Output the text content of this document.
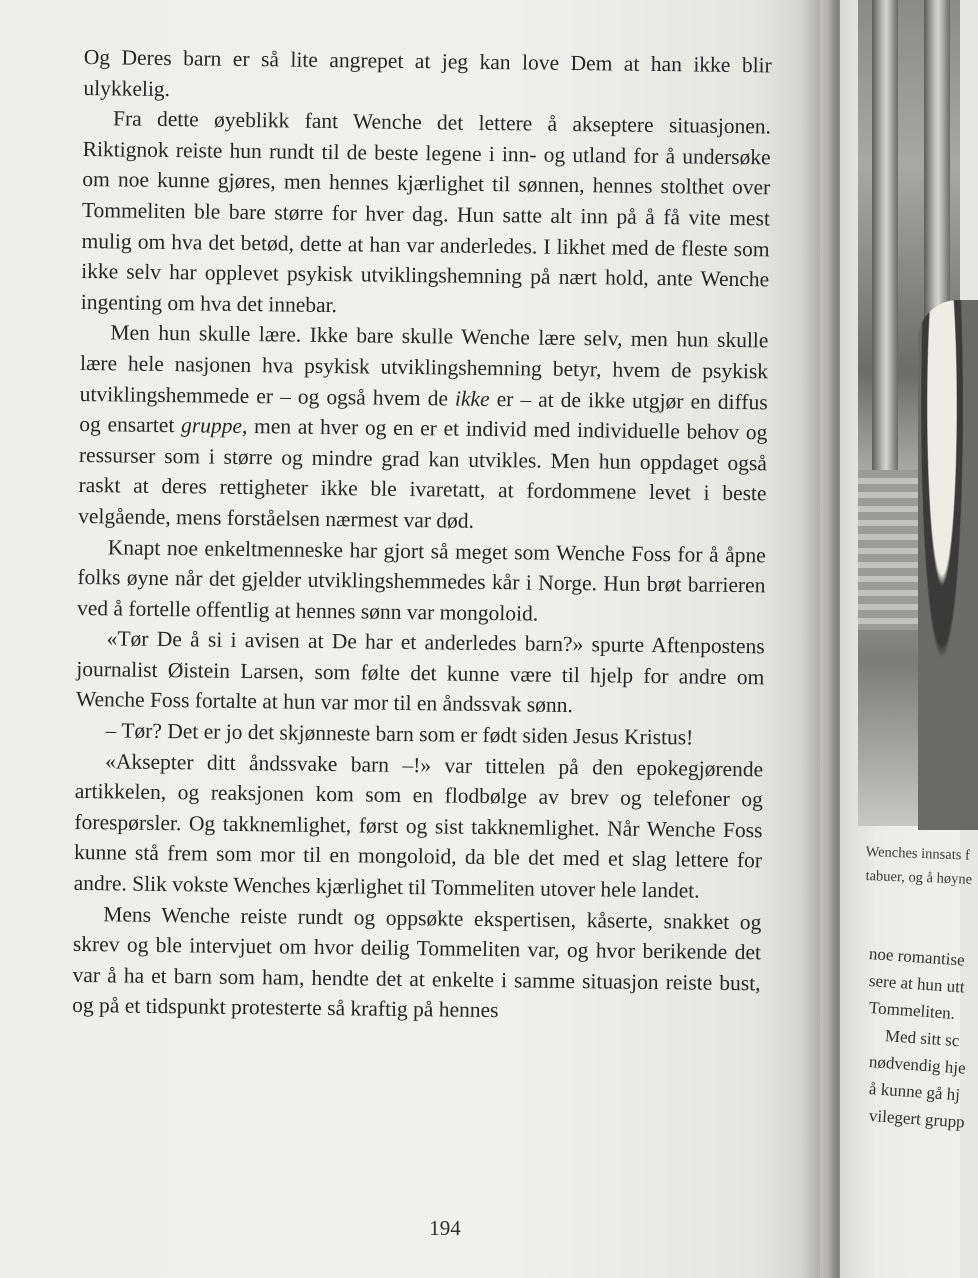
Og Deres barn er så lite angrepet at jeg kan love Dem at han ikke blir ulykkelig.

Fra dette øyeblikk fant Wenche det lettere å akseptere situasjonen. Riktignok reiste hun rundt til de beste legene i inn- og utland for å undersøke om noe kunne gjøres, men hennes kjærlighet til sønnen, hennes stolthet over Tommeliten ble bare større for hver dag. Hun satte alt inn på å få vite mest mulig om hva det betød, dette at han var anderledes. I likhet med de fleste som ikke selv har opplevet psykisk utviklingshemning på nært hold, ante Wenche ingenting om hva det innebar.

Men hun skulle lære. Ikke bare skulle Wenche lære selv, men hun skulle lære hele nasjonen hva psykisk utviklingshemning betyr, hvem de psykisk utviklingshemmede er – og også hvem de ikke er – at de ikke utgjør en diffus og ensartet gruppe, men at hver og en er et individ med individuelle behov og ressurser som i større og mindre grad kan utvikles. Men hun oppdaget også raskt at deres rettigheter ikke ble ivaretatt, at fordommene levet i beste velgående, mens forståelsen nærmest var død.

Knapt noe enkeltmenneske har gjort så meget som Wenche Foss for å åpne folks øyne når det gjelder utviklingshemmedes kår i Norge. Hun brøt barrieren ved å fortelle offentlig at hennes sønn var mongoloid.

«Tør De å si i avisen at De har et anderledes barn?» spurte Aftenpostens journalist Øistein Larsen, som følte det kunne være til hjelp for andre om Wenche Foss fortalte at hun var mor til en åndssvak sønn.

– Tør? Det er jo det skjønneste barn som er født siden Jesus Kristus!

«Aksepter ditt åndssvake barn –!» var tittelen på den epokegjørende artikkelen, og reaksjonen kom som en flodbølge av brev og telefoner og forespørsler. Og takknemlighet, først og sist takknemlighet. Når Wenche Foss kunne stå frem som mor til en mongoloid, da ble det med et slag lettere for andre. Slik vokste Wenches kjærlighet til Tommeliten utover hele landet.

Mens Wenche reiste rundt og oppsøkte ekspertisen, kåserte, snakket og skrev og ble intervjuet om hvor deilig Tommeliten var, og hvor berikende det var å ha et barn som ham, hendte det at enkelte i samme situasjon reiste bust, og på et tidspunkt protesterte så kraftig på hennes

194
Wenches innsats f
tabuer, og å høyne
noe romantise
sere at hun utt
Tommeliten.
Med sitt sc
nødvendig hje
å kunne gå hj
vilegert grupp
